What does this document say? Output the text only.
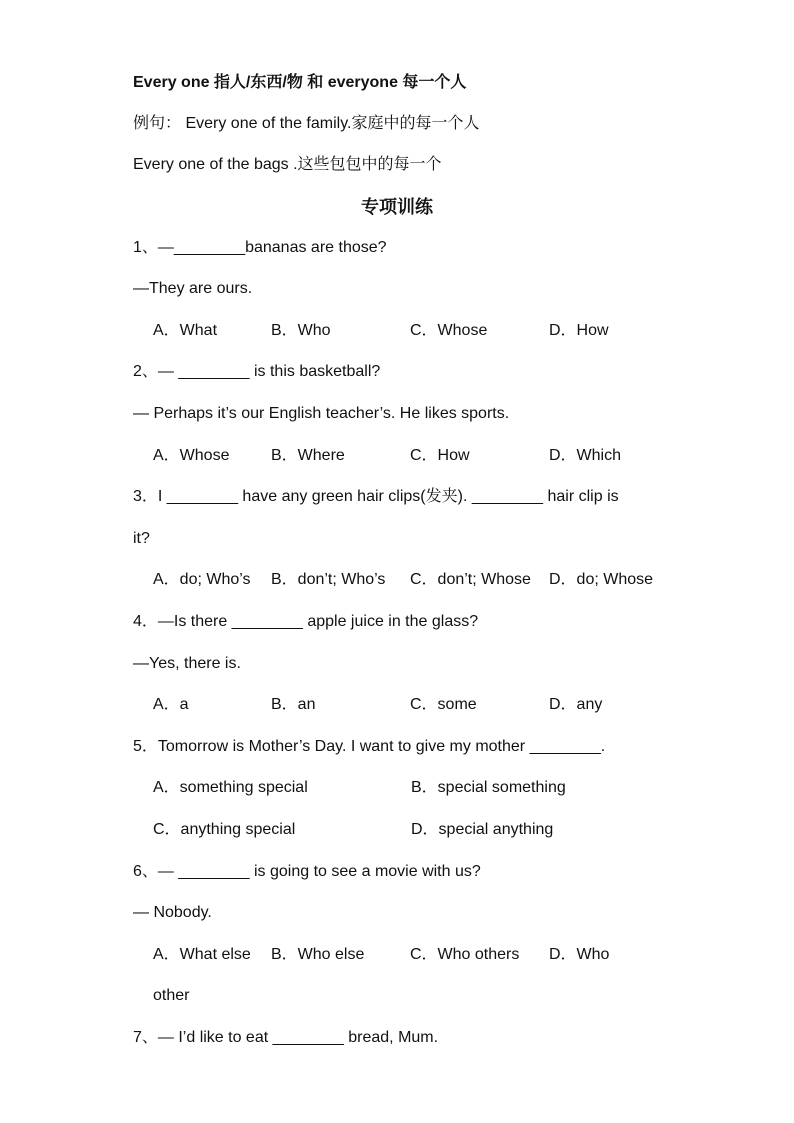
Every one 指人/东西/物 和 everyone 每一个人
例句： Every one of the family.家庭中的每一个人
Every one of the bags .这些包包中的每一个
专项训练
1、—________bananas are those?
—They are ours.
A．What	B．Who	C．Whose	D．How
2、— ________ is this basketball?
— Perhaps it’s our English teacher’s. He likes sports.
A．Whose	B．Where	C．How	D．Which
3．I ________ have any green hair clips(发夹). ________ hair clip is
it?
A．do; Who’s B．don’t; Who’s C．don’t; Whose D．do; Whose
4．—Is there ________ apple juice in the glass?
—Yes, there is.
A．a	B．an	C．some	D．any
5．Tomorrow is Mother’s Day. I want to give my mother ________.
A．something special	B．special something
C．anything special	D．special anything
6、— ________ is going to see a movie with us?
— Nobody.
A．What else B．Who else	C．Who others D．Who
other
7、— I’d like to eat ________ bread, Mum.
